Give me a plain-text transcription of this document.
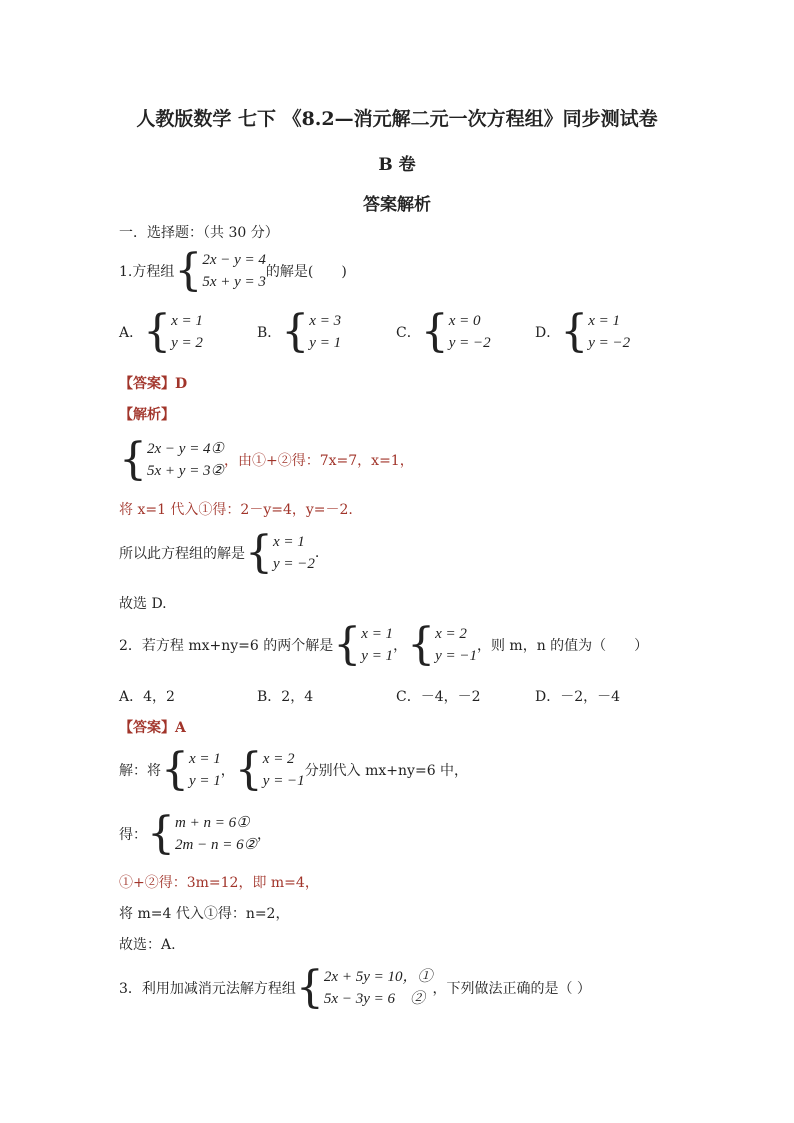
人教版数学 七下 《8.2—消元解二元一次方程组》同步测试卷
B 卷
答案解析
一．选择题：（共 30 分）
1.方程组 { 2x − y = 4
5x + y = 3
的解是(　　)
A． { x = 1
y = 2
B． { x = 3
y = 1
C． { x = 0
y = −2
D． { x = 1
y = −2
【答案】D
【解析】
{ 2x − y = 4①
5x + y = 3②
，由①+②得：7x=7，x=1，
将 x=1 代入①得：2－y=4，y=－2.
所以此方程组的解是 { x = 1
y = −2
.
故选 D.
2．若方程 mx+ny=6 的两个解是 { x = 1
y = 1
， { x = 2
y = −1
，则 m，n 的值为（　　）
A．4，2	B．2，4	C．－4，－2	D．－2，－4
【答案】A
解：将 { x = 1
y = 1
， { x = 2
y = −1
分别代入 mx+ny=6 中，
得： { m + n = 6①
2m − n = 6②
，
①+②得：3m=12，即 m=4，
将 m=4 代入①得：n=2，
故选：A.
3．利用加减消元法解方程组 { 2x + 5y = 10，①
5x − 3y = 6　②
，下列做法正确的是（ ）
